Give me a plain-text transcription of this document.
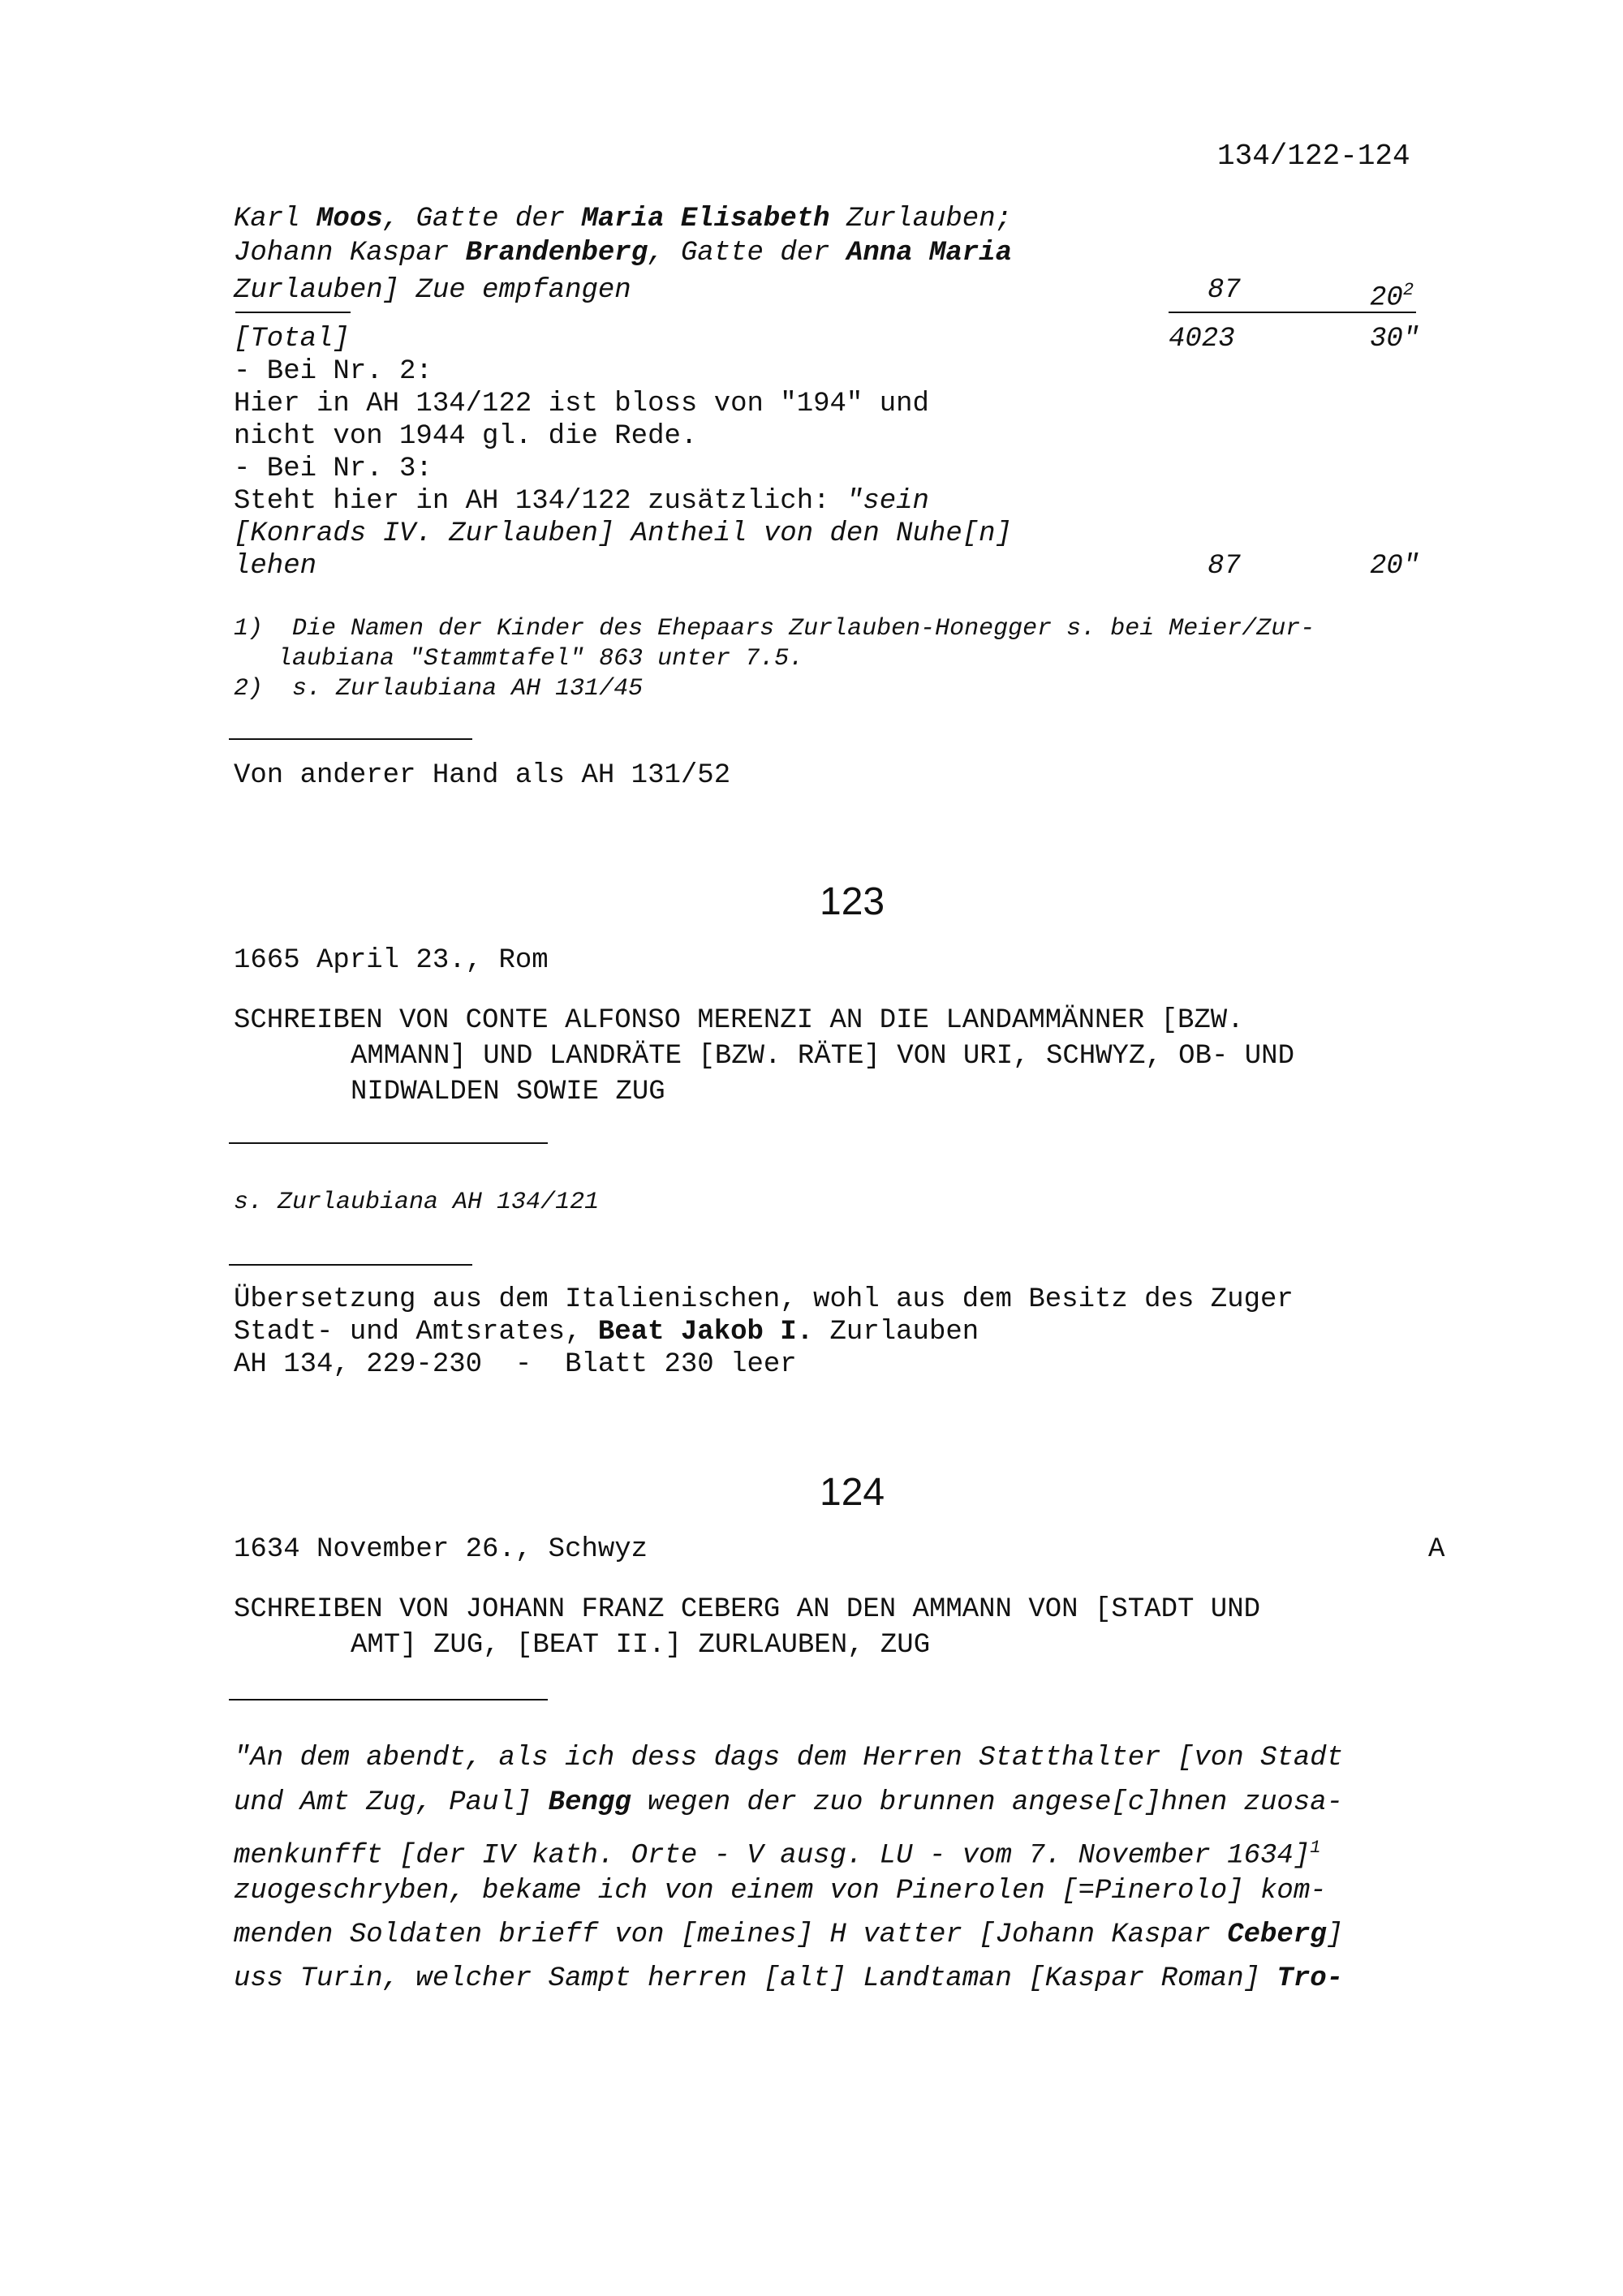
134/122-124
Karl Moos, Gatte der Maria Elisabeth Zurlauben;
Johann Kaspar Brandenberg, Gatte der Anna Maria
Zurlauben] Zue empfangen	87	$20^2$
[Total]	4023	30"
- Bei Nr. 2:
Hier in AH 134/122 ist bloss von "194" und
nicht von 1944 gl. die Rede.
- Bei Nr. 3:
Steht hier in AH 134/122 zusätzlich: "sein
[Konrads IV. Zurlauben] Antheil von den Nuhe[n]
lehen	87	20"
1) Die Namen der Kinder des Ehepaars Zurlauben-Honegger s. bei Meier/Zur-
laubiana "Stammtafel" 863 unter 7.5.
2) s. Zurlaubiana AH 131/45
Von anderer Hand als AH 131/52
123
1665 April 23., Rom
SCHREIBEN VON CONTE ALFONSO MERENZI AN DIE LANDAMMÄNNER [BZW.
AMMANN] UND LANDRÄTE [BZW. RÄTE] VON URI, SCHWYZ, OB- UND
NIDWALDEN SOWIE ZUG
s. Zurlaubiana AH 134/121
Übersetzung aus dem Italienischen, wohl aus dem Besitz des Zuger
Stadt- und Amtsrates, Beat Jakob I. Zurlauben
AH 134, 229-230  -  Blatt 230 leer
124
1634 November 26., Schwyz	A
SCHREIBEN VON JOHANN FRANZ CEBERG AN DEN AMMANN VON [STADT UND
AMT] ZUG, [BEAT II.] ZURLAUBEN, ZUG
"An dem abendt, als ich dess dags dem Herren Statthalter [von Stadt
und Amt Zug, Paul] Bengg wegen der zuo brunnen angese[c]hnen zuosa-
menkunfft [der IV kath. Orte - V ausg. LU - vom 7. November 1634]$^1$
zuogeschryben, bekame ich von einem von Pinerolen [=Pinerolo] kom-
menden Soldaten brieff von [meines] H vatter [Johann Kaspar Ceberg]
uss Turin, welcher Sampt herren [alt] Landtaman [Kaspar Roman] Tro-
